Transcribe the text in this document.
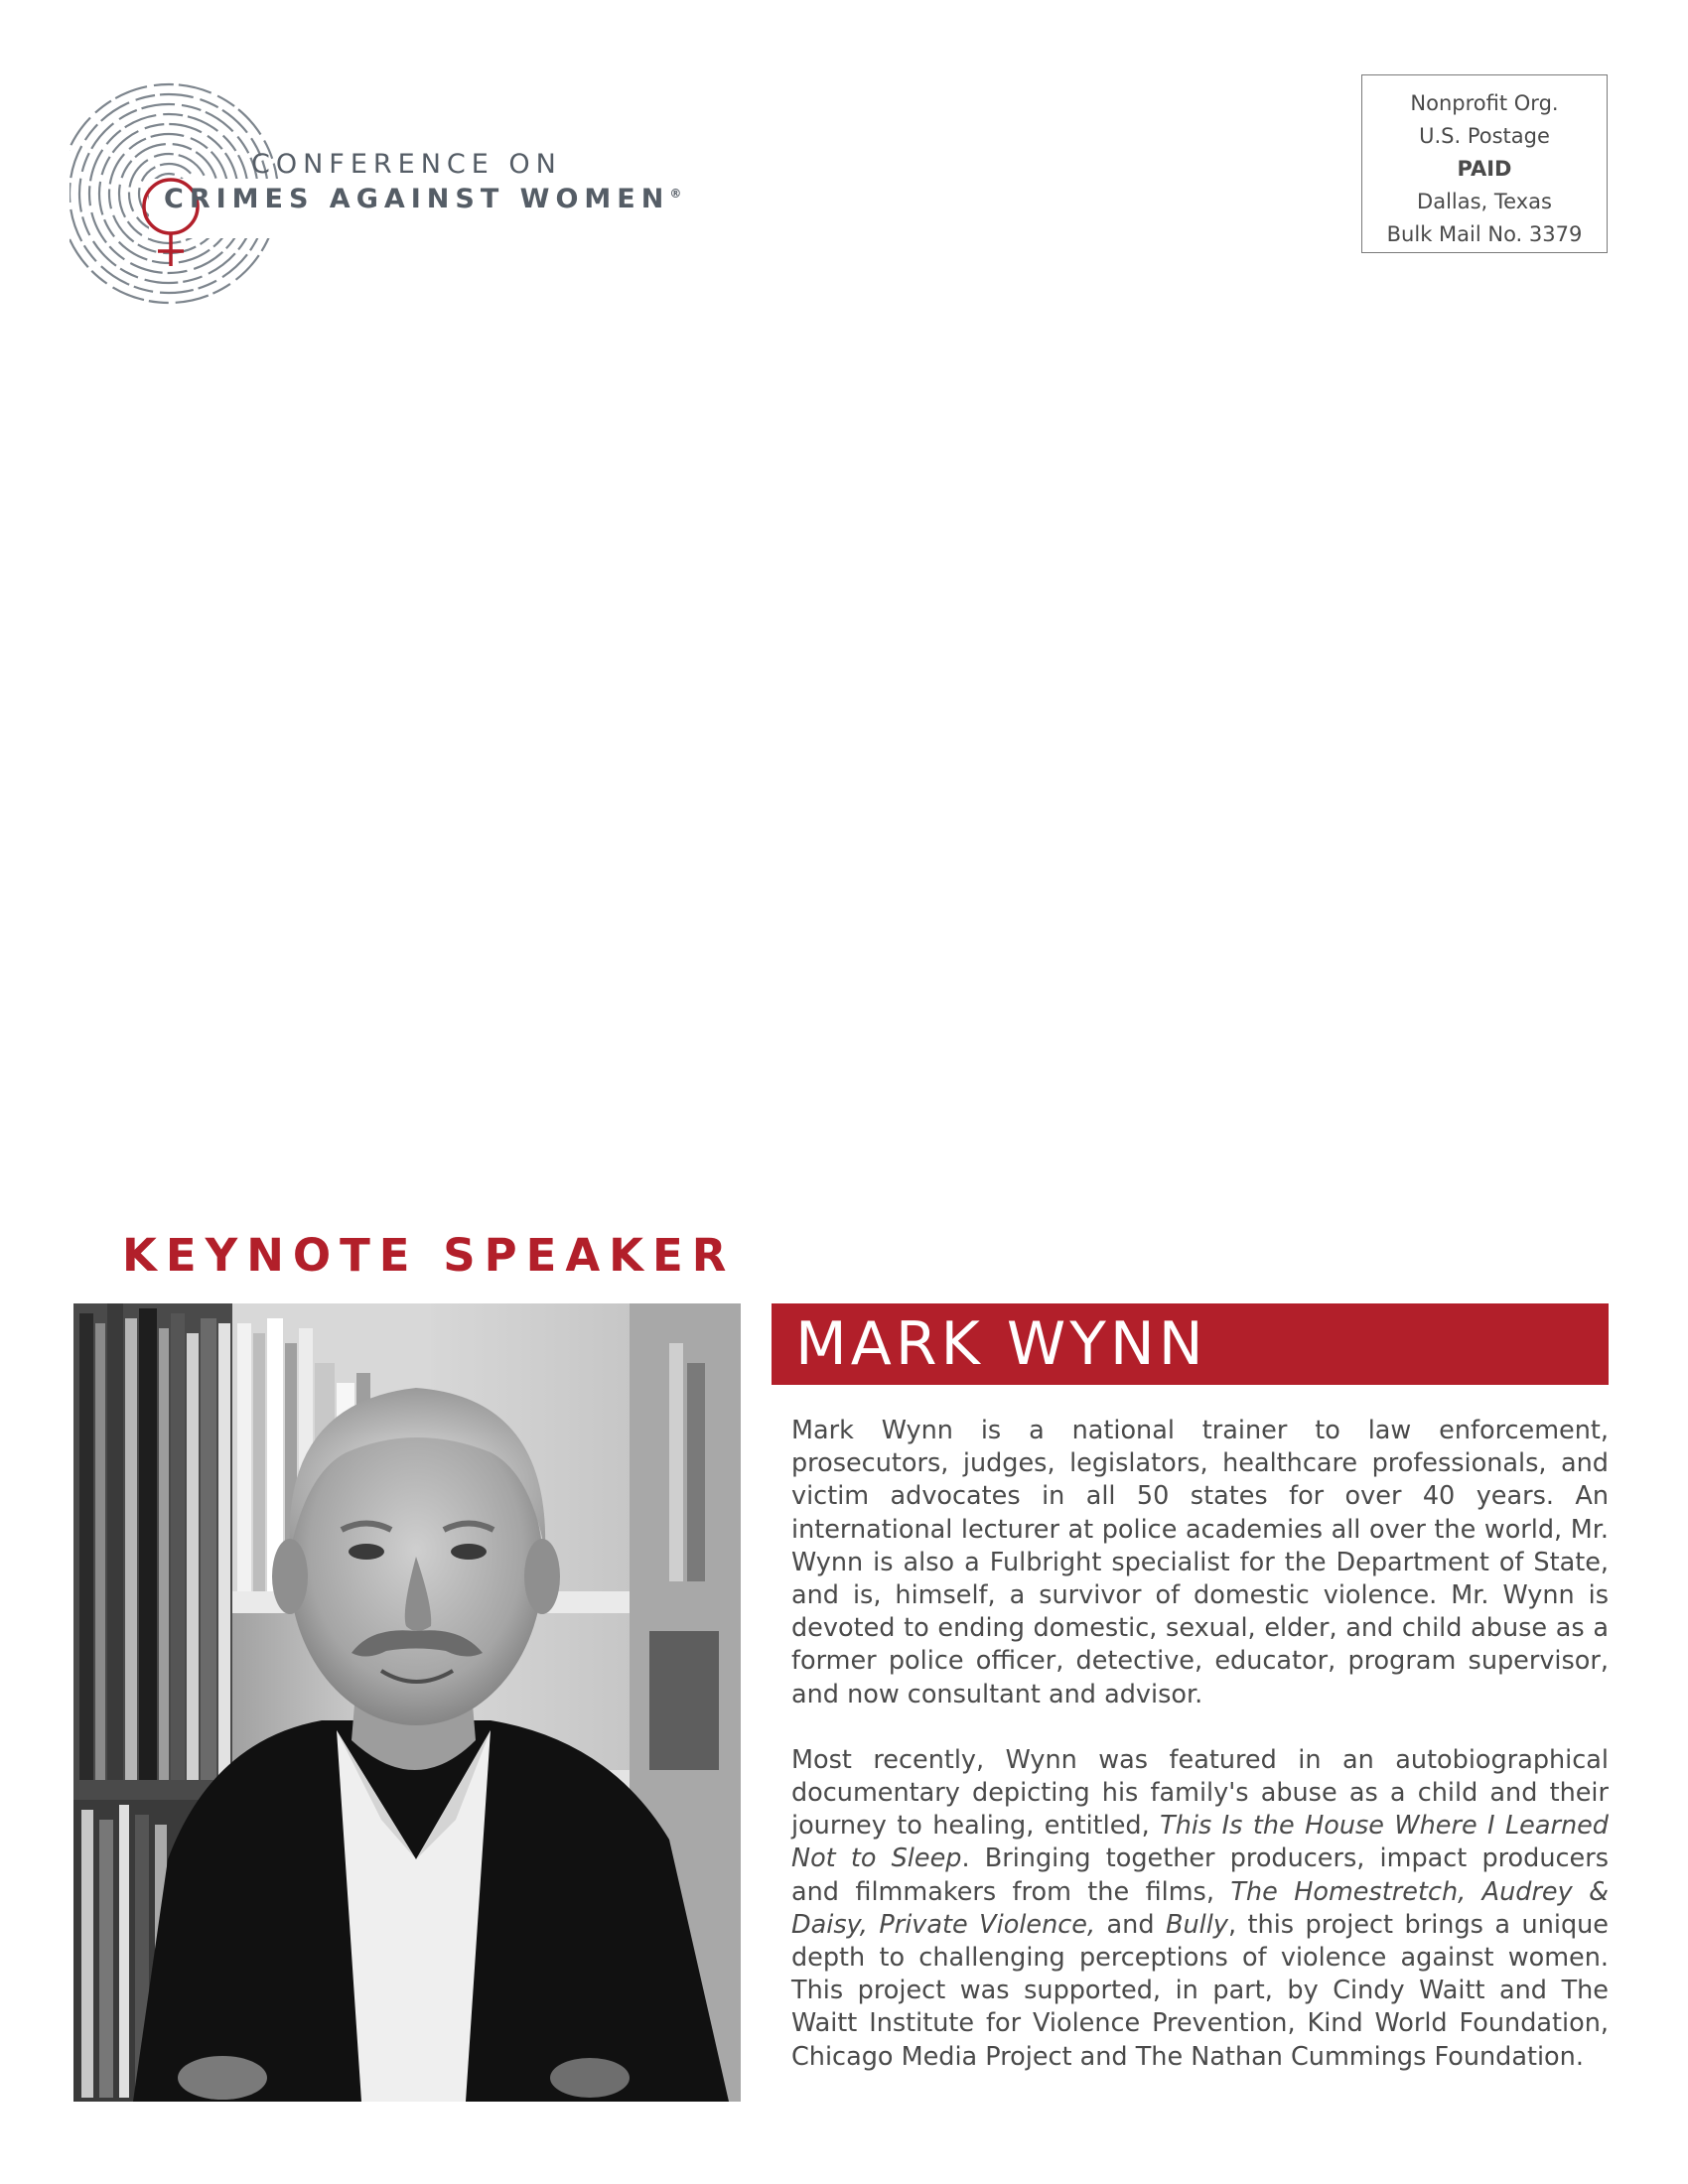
CONFERENCE ON
CRIMES AGAINST WOMEN®
Nonprofit Org.
U.S. Postage
PAID
Dallas, Texas
Bulk Mail No. 3379
KEYNOTE SPEAKER
MARK WYNN

Mark Wynn is a national trainer to law enforcement, prosecutors, judges, legislators, healthcare professionals, and victim advocates in all 50 states for over 40 years. An international lecturer at police academies all over the world, Mr. Wynn is also a Fulbright specialist for the Department of State, and is, himself, a survivor of domestic violence. Mr. Wynn is devoted to ending domestic, sexual, elder, and child abuse as a former police officer, detective, educator, program supervisor, and now consultant and advisor.

Most recently, Wynn was featured in an autobiographical documentary depicting his family's abuse as a child and their journey to healing, entitled, This Is the House Where I Learned Not to Sleep. Bringing together producers, impact producers and filmmakers from the films, The Homestretch, Audrey & Daisy, Private Violence, and Bully, this project brings a unique depth to challenging perceptions of violence against women. This project was supported, in part, by Cindy Waitt and The Waitt Institute for Violence Prevention, Kind World Foundation, Chicago Media Project and The Nathan Cummings Foundation.
